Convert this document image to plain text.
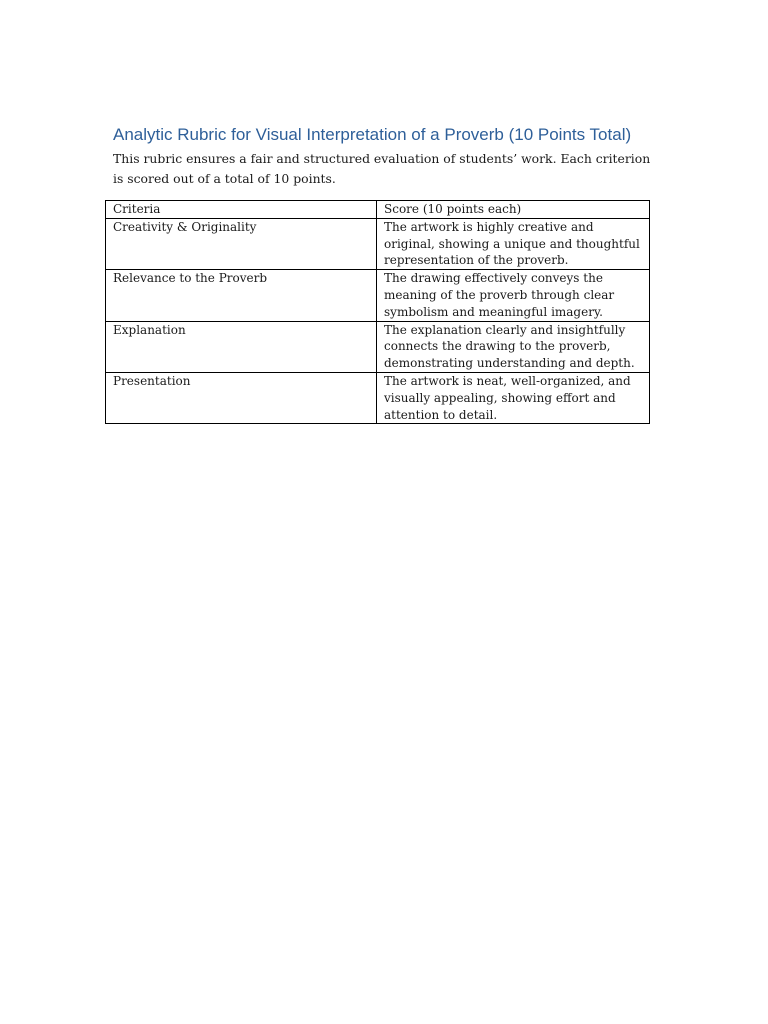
Analytic Rubric for Visual Interpretation of a Proverb (10 Points Total)

This rubric ensures a fair and structured evaluation of students’ work. Each criterion is scored out of a total of 10 points.

Criteria	Score (10 points each)
Creativity & Originality	The artwork is highly creative and original, showing a unique and thoughtful representation of the proverb.
Relevance to the Proverb	The drawing effectively conveys the meaning of the proverb through clear symbolism and meaningful imagery.
Explanation	The explanation clearly and insightfully connects the drawing to the proverb, demonstrating understanding and depth.
Presentation	The artwork is neat, well-organized, and visually appealing, showing effort and attention to detail.
